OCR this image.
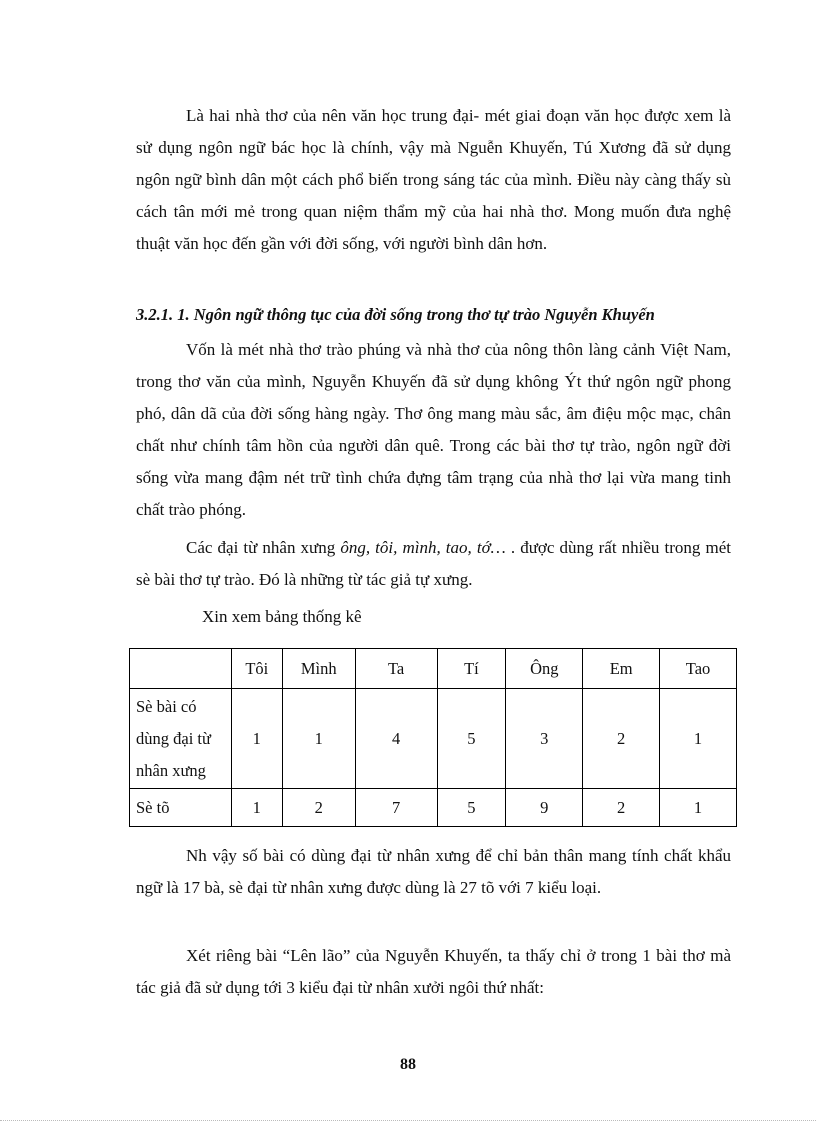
Là hai nhà thơ của nên văn học trung đại- mét giai đoạn văn học được xem là sử dụng ngôn ngữ bác học là chính, vậy mà Nguễn Khuyến, Tú Xương đã sử dụng ngôn ngữ bình dân một cách phổ biến trong sáng tác của mình. Điều này càng thấy sù cách tân mới mẻ trong quan niệm thẩm mỹ của hai nhà thơ. Mong muốn đưa nghệ thuật văn học đến gần với đời sống, với người bình dân hơn.
3.2.1. 1. Ngôn ngữ thông tục của đời sống trong thơ tự trào Nguyễn Khuyến
Vốn là mét nhà thơ trào phúng và nhà thơ của nông thôn làng cảnh Việt Nam, trong thơ văn của mình, Nguyễn Khuyến đã sử dụng không Ýt thứ ngôn ngữ phong phó, dân dã của đời sống hàng ngày. Thơ ông mang màu sắc, âm điệu mộc mạc, chân chất như chính tâm hồn của người dân quê. Trong các bài thơ tự trào, ngôn ngữ đời sống vừa mang đậm nét trữ tình chứa đựng tâm trạng của nhà thơ lại vừa mang tinh chất trào phóng.
Các đại từ nhân xưng ông, tôi, mình, tao, tớ… . được dùng rất nhiều trong mét sè bài thơ tự trào. Đó là những từ tác giả tự xưng.
Xin xem bảng thống kê
	Tôi	Mình	Ta	Tí	Ông	Em	Tao

Sè bài có
dùng đại từ
nhân xưng	1	1	4	5	3	2	1

Sè tõ	1	2	7	5	9	2	1
Nh vậy số bài có dùng đại từ nhân xưng để chỉ bản thân mang tính chất khẩu ngữ là 17 bà, sè đại từ nhân xưng được dùng là 27 tõ với 7 kiểu loại.
Xét riêng bài “Lên lão” của Nguyễn Khuyến, ta thấy chỉ ở trong 1 bài thơ mà tác giả đã sử dụng tới 3 kiểu đại từ nhân xưởi ngôi thứ nhất:
88
